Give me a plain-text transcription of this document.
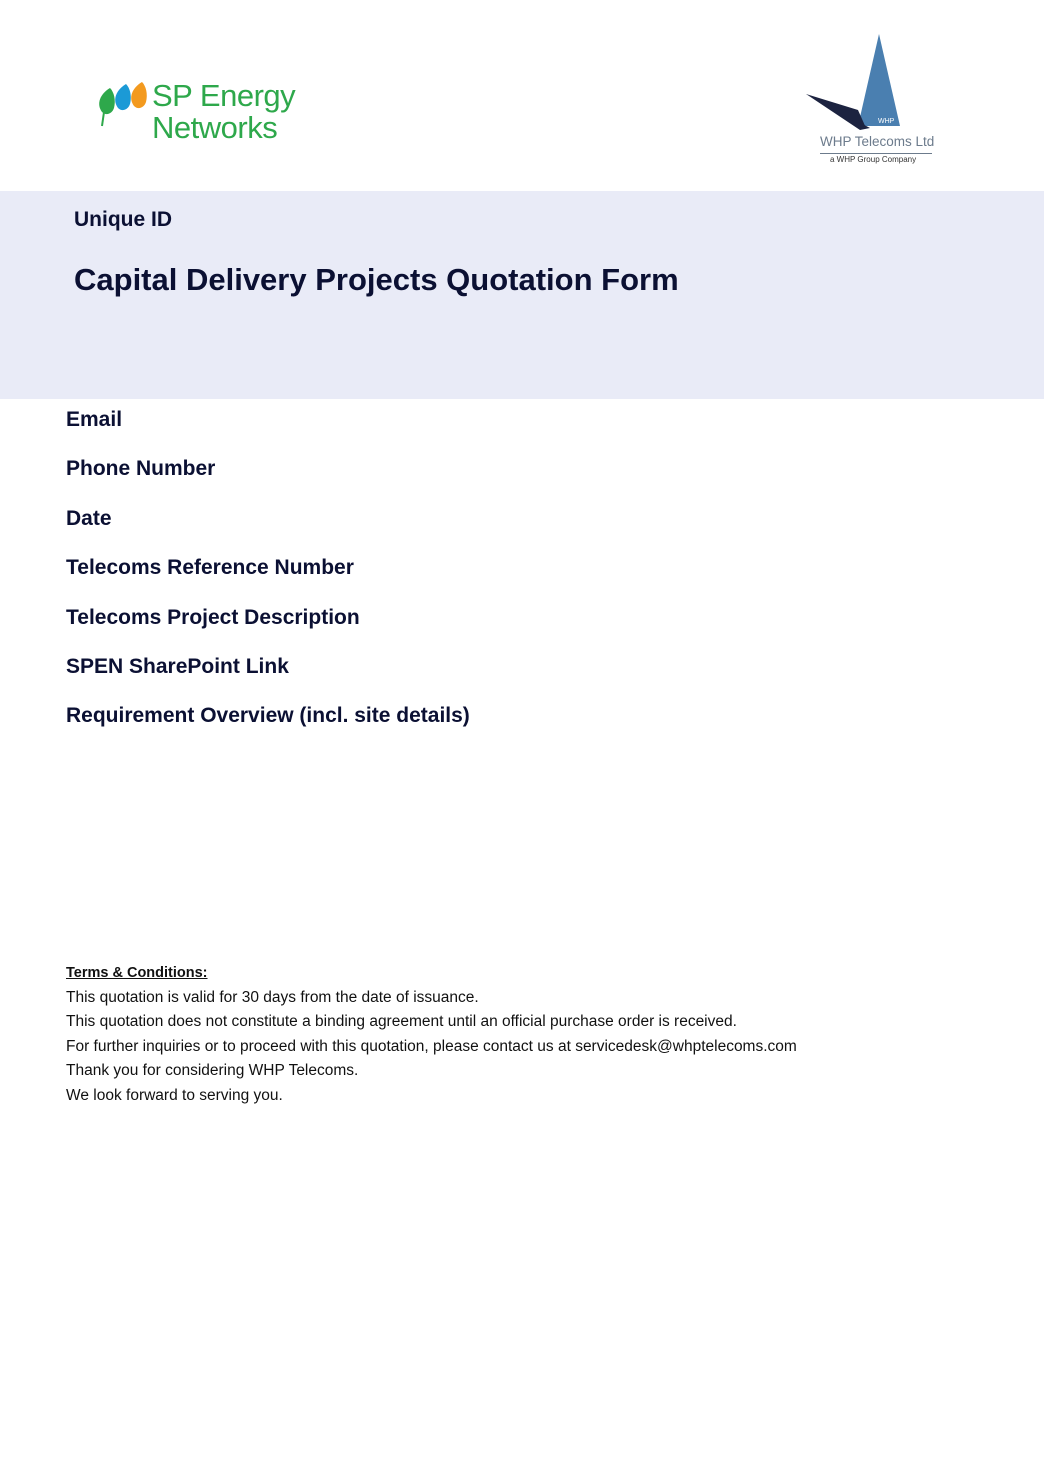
SP Energy
Networks	WHP
WHP Telecoms Ltd
a WHP Group Company
Unique ID
Capital Delivery Projects Quotation Form
Email
Phone Number
Date
Telecoms Reference Number
Telecoms Project Description
SPEN SharePoint Link
Requirement Overview (incl. site details)
Terms & Conditions:
This quotation is valid for 30 days from the date of issuance.
This quotation does not constitute a binding agreement until an official purchase order is received.
For further inquiries or to proceed with this quotation, please contact us at servicedesk@whptelecoms.com
Thank you for considering WHP Telecoms.
We look forward to serving you.
